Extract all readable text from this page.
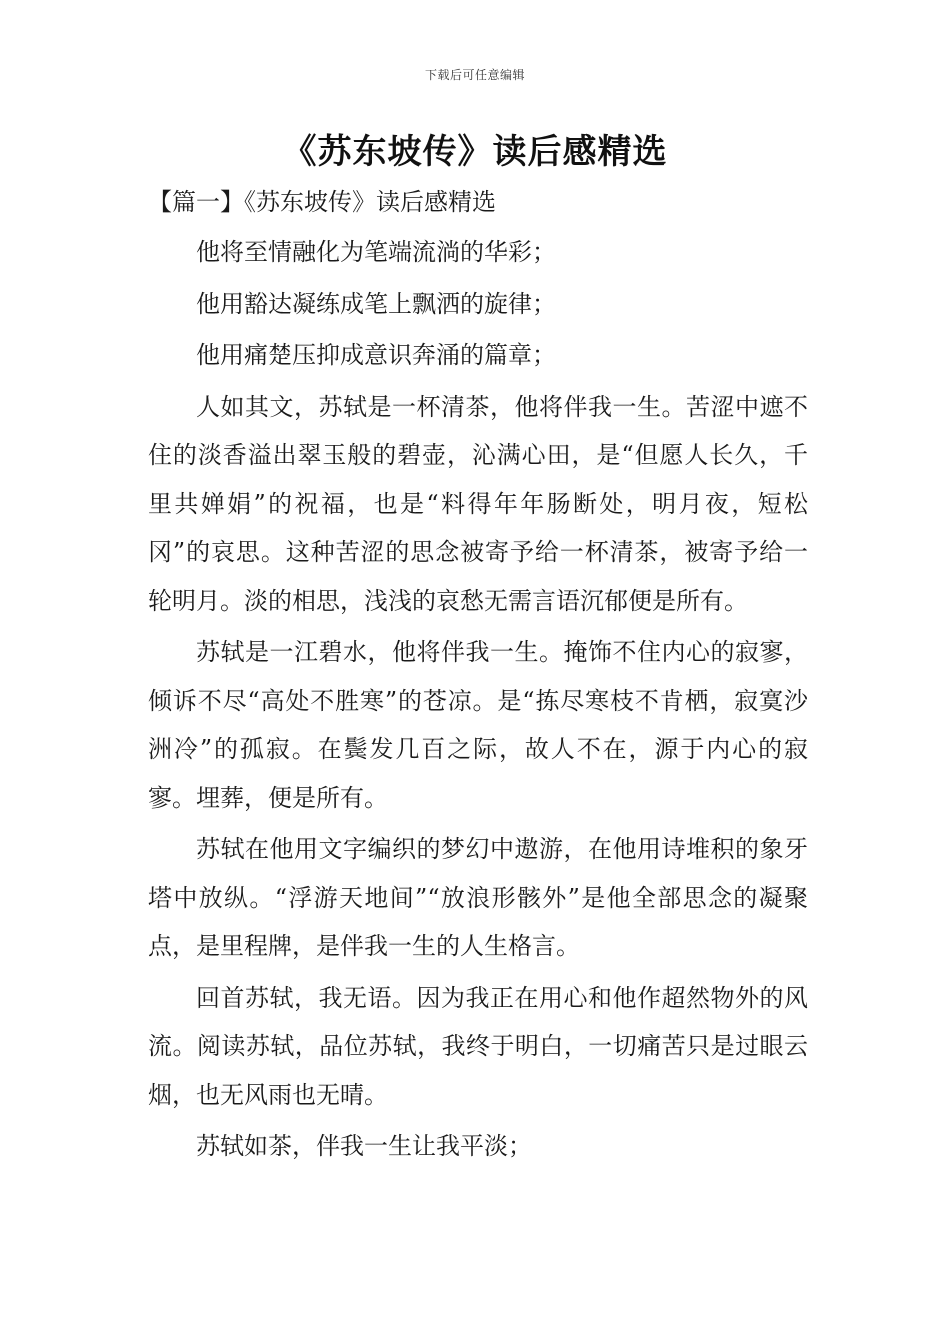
下载后可任意编辑
《苏东坡传》读后感精选
【篇一】《苏东坡传》读后感精选

他将至情融化为笔端流淌的华彩；

他用豁达凝练成笔上飘洒的旋律；

他用痛楚压抑成意识奔涌的篇章；

人如其文，苏轼是一杯清茶，他将伴我一生。苦涩中遮不住的淡香溢出翠玉般的碧壶，沁满心田，是“但愿人长久，千里共婵娟”的祝福，也是“料得年年肠断处，明月夜，短松冈”的哀思。这种苦涩的思念被寄予给一杯清茶，被寄予给一轮明月。淡的相思，浅浅的哀愁无需言语沉郁便是所有。

苏轼是一江碧水，他将伴我一生。掩饰不住内心的寂寥，倾诉不尽“高处不胜寒”的苍凉。是“拣尽寒枝不肯栖，寂寞沙洲冷”的孤寂。在鬓发几百之际，故人不在，源于内心的寂寥。埋葬，便是所有。

苏轼在他用文字编织的梦幻中遨游，在他用诗堆积的象牙塔中放纵。“浮游天地间”“放浪形骸外”是他全部思念的凝聚点，是里程牌，是伴我一生的人生格言。

回首苏轼，我无语。因为我正在用心和他作超然物外的风流。阅读苏轼，品位苏轼，我终于明白，一切痛苦只是过眼云烟，也无风雨也无晴。

苏轼如茶，伴我一生让我平淡；
